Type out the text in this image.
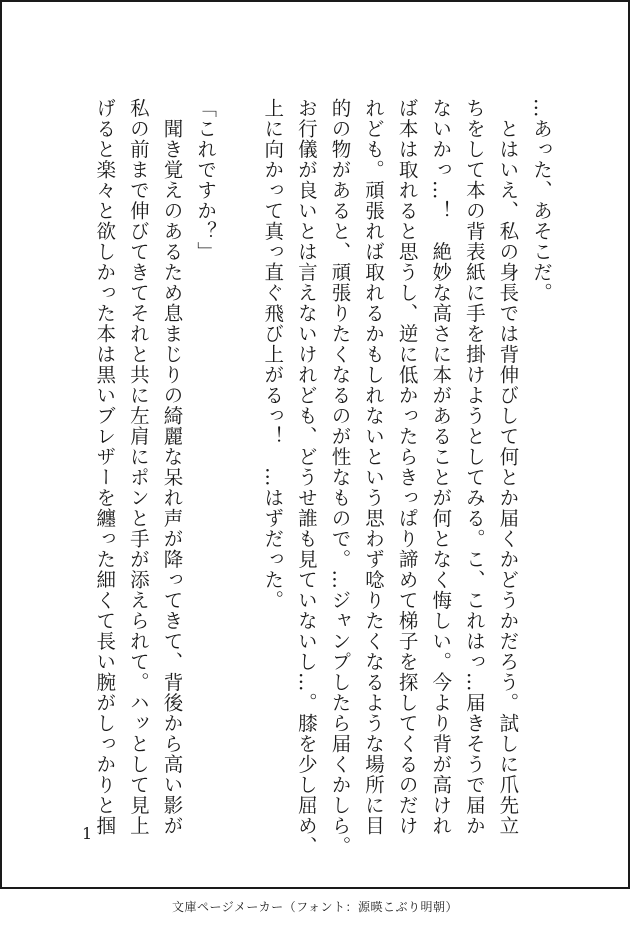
…あった、あそこだ。

　とはいえ、私の身長では背伸びして何とか届くかどうかだろう。試しに爪先立

ちをして本の背表紙に手を掛けようとしてみる。こ、これはっ…届きそうで届か

ないかっ…！　絶妙な高さに本があることが何となく悔しい。今より背が高けれ

ば本は取れると思うし、逆に低かったらきっぱり諦めて梯子を探してくるのだけ

れども。頑張れば取れるかもしれないという思わず唸りたくなるような場所に目

的の物があると、頑張りたくなるのが性なもので。…ジャンプしたら届くかしら。

お行儀が良いとは言えないけれども、どうせ誰も見ていないし…。膝を少し屈め、

上に向かって真っ直ぐ飛び上がるっ！　…はずだった。

「これですか？」

　聞き覚えのあるため息まじりの綺麗な呆れ声が降ってきて、背後から高い影が

私の前まで伸びてきてそれと共に左肩にポンと手が添えられて。ハッとして見上

げると楽々と欲しかった本は黒いブレザーを纏った細くて長い腕がしっかりと掴

1
文庫ページメーカー（フォント：源暎こぶり明朝）
